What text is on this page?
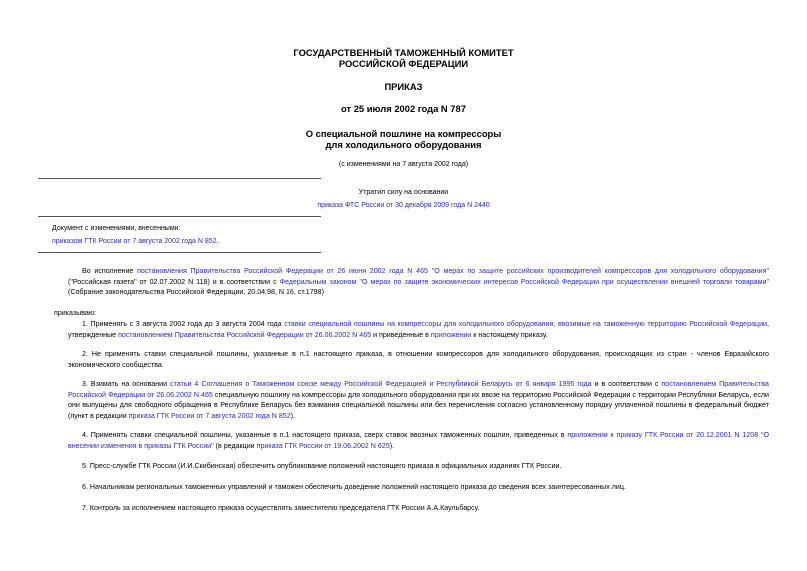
ГОСУДАРСТВЕННЫЙ ТАМОЖЕННЫЙ КОМИТЕТ
РОССИЙСКОЙ ФЕДЕРАЦИИ
ПРИКАЗ
от 25 июля 2002 года N 787
О специальной пошлине на компрессоры
для холодильного оборудования
(с изменениями на 7 августа 2002 года)
Утратил силу на основании
приказа ФТС России от 30 декабря 2009 года N 2440
Документ с изменениями, внесенными:
приказом ГТК России от 7 августа 2002 года N 852.
Во исполнение постановления Правительства Российской Федерации от 26 июня 2002 года N 465 "О мерах по защите российских производителей компрессоров для холодильного оборудования" ("Российская газета" от 02.07.2002 N 118) и в соответствии с Федеральным законом "О мерах по защите экономических интересов Российской Федерации при осуществлении внешней торговли товарами" (Собрание законодательства Российской Федерации, 20.04.98, N 16, ст.1798)
приказываю:
1. Применять с 3 августа 2002 года до 3 августа 2004 года ставки специальной пошлины на компрессоры для холодильного оборудования, ввозимые на таможенную территорию Российской Федерации, утвержденные постановлением Правительства Российской Федерации от 26.06.2002 N 465 и приведенные в приложении к настоящему приказу.
2. Не применять ставки специальной пошлины, указанные в п.1 настоящего приказа, в отношении компрессоров для холодильного оборудования, происходящих из стран - членов Евразийского экономического сообщества.
3. Взимать на основании статьи 4 Соглашения о Таможенном союзе между Российской Федерацией и Республикой Беларусь от 6 января 1995 года и в соответствии с постановлением Правительства Российской Федерации от 26.06.2002 N 465 специальную пошлину на компрессоры для холодильного оборудования при их ввозе на территорию Российской Федерации с территории Республики Беларусь, если они выпущены для свободного обращения в Республике Беларусь без взимания специальной пошлины или без перечисления согласно установленному порядку уплаченной пошлины в федеральный бюджет (пункт в редакции приказа ГТК России от 7 августа 2002 года N 852).
4. Применять ставки специальной пошлины, указанные в п.1 настоящего приказа, сверх ставок ввозных таможенных пошлин, приведенных в приложении к приказу ГТК России от 20.12.2001 N 1208 "О внесении изменения в приказы ГТК России" (в редакции приказа ГТК России от 19.06.2002 N 625).
5. Пресс-службе ГТК России (И.И.Скибинская) обеспечить опубликование положений настоящего приказа в официальных изданиях ГТК России.
6. Начальникам региональных таможенных управлений и таможен обеспечить доведение положений настоящего приказа до сведения всех заинтересованных лиц.
7. Контроль за исполнением настоящего приказа осуществлять заместителю председателя ГТК России А.А.Каульбарсу.
